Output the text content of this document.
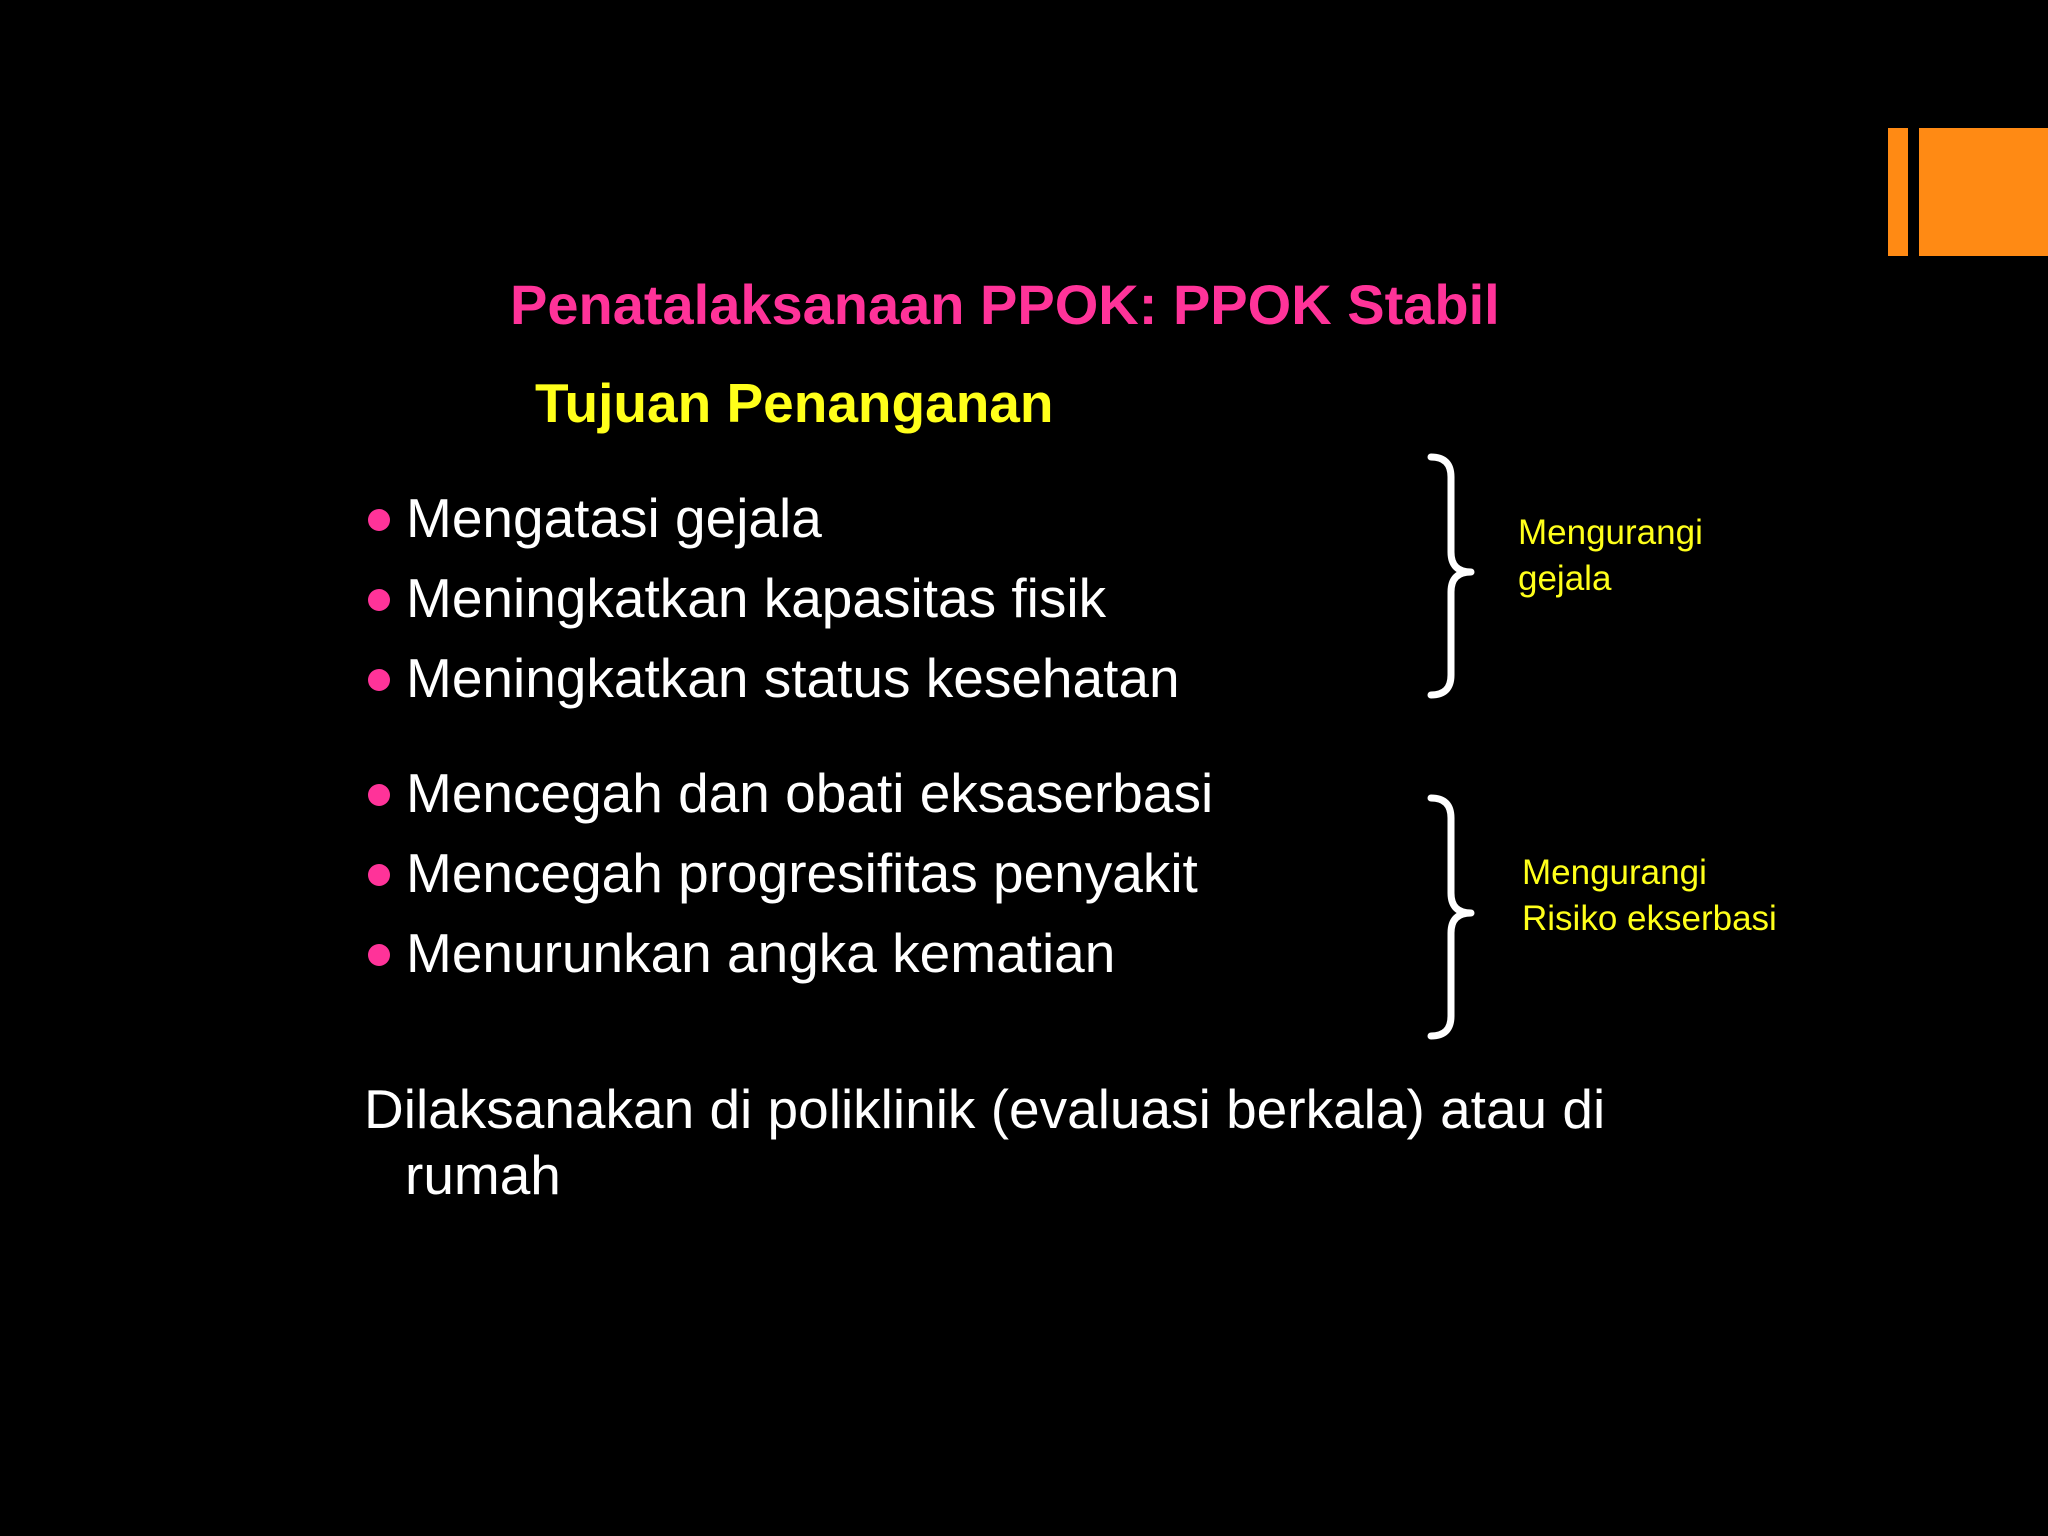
Penatalaksanaan PPOK: PPOK Stabil
Tujuan Penanganan
Mengatasi gejala
Meningkatkan kapasitas fisik
Meningkatkan status kesehatan
Mengurangi
gejala
Mencegah dan obati eksaserbasi
Mencegah progresifitas penyakit
Menurunkan angka kematian
Mengurangi
Risiko ekserbasi
Dilaksanakan di poliklinik (evaluasi berkala) atau di
rumah
